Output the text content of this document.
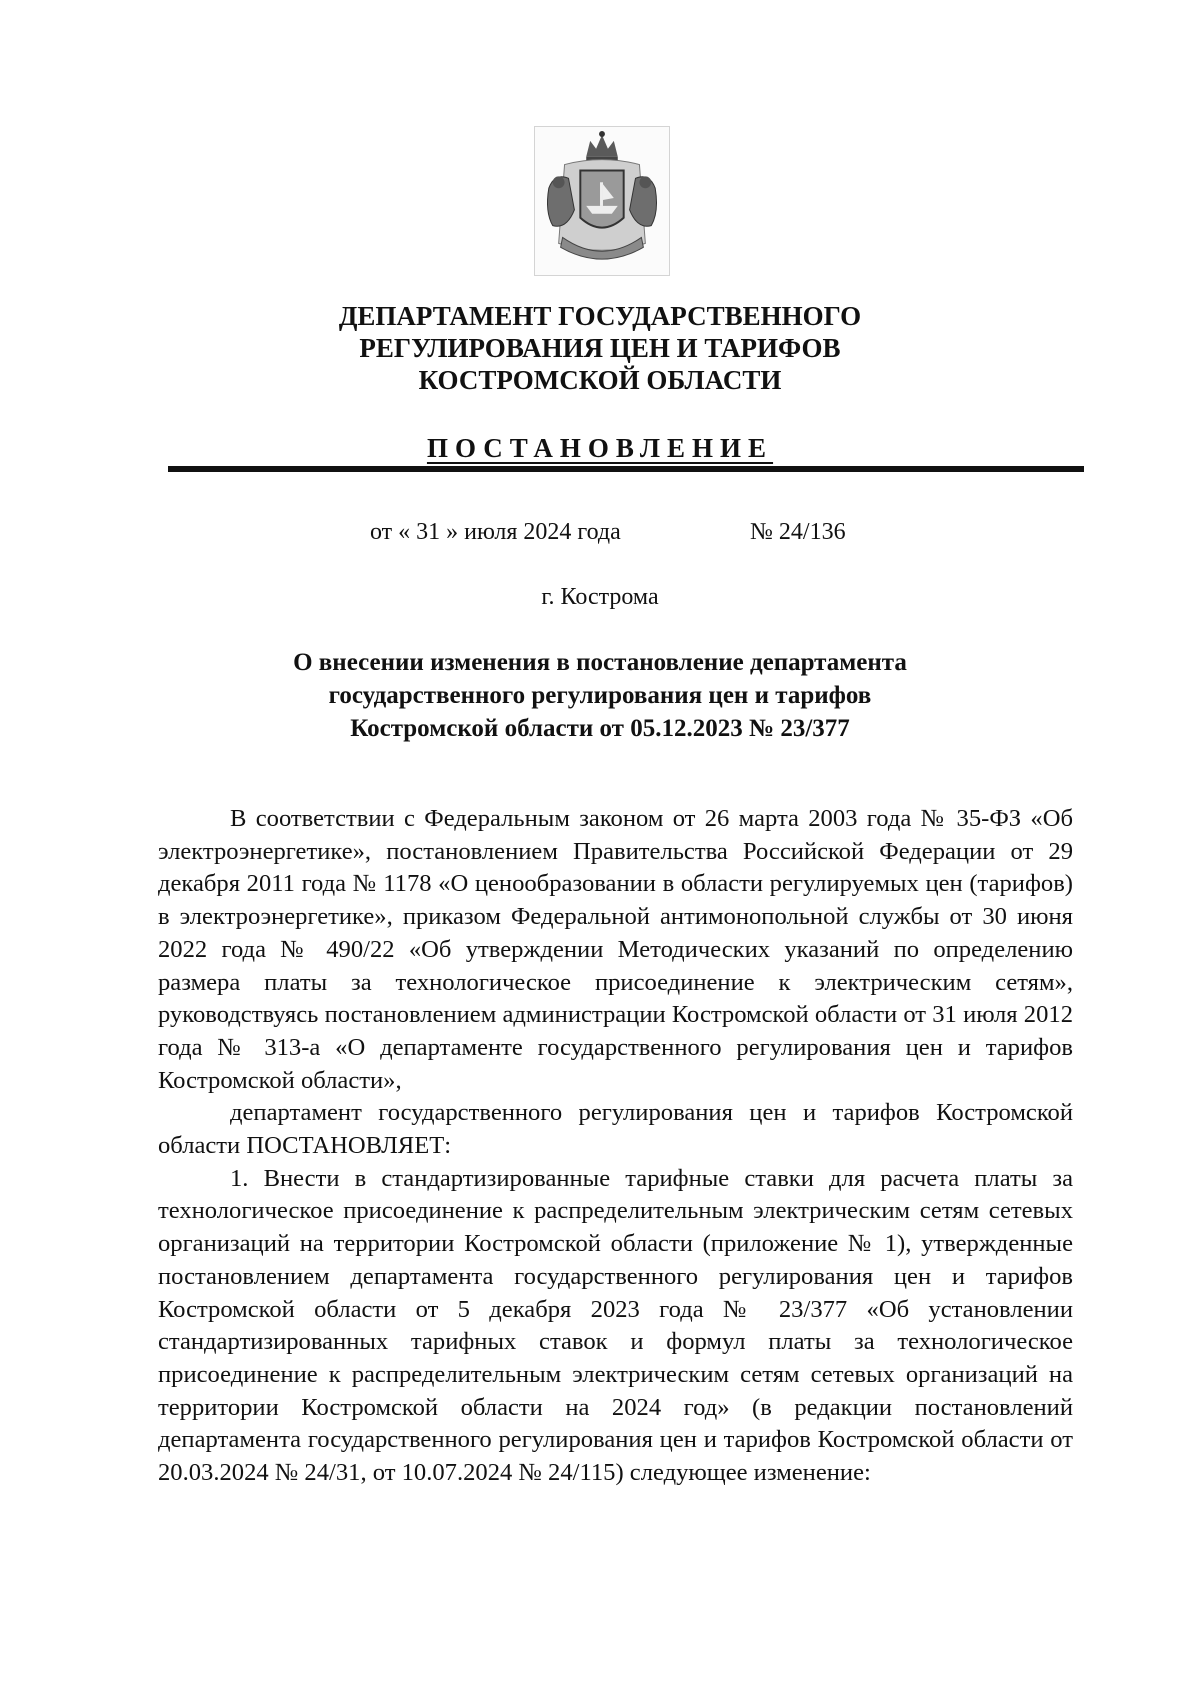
ДЕПАРТАМЕНТ ГОСУДАРСТВЕННОГО
РЕГУЛИРОВАНИЯ ЦЕН И ТАРИФОВ
КОСТРОМСКОЙ ОБЛАСТИ
ПОСТАНОВЛЕНИЕ
от « 31 » июля 2024 года	№ 24/136
г. Кострома
О внесении изменения в постановление департамента
государственного регулирования цен и тарифов
Костромской области от 05.12.2023 № 23/377

В соответствии с Федеральным законом от 26 марта 2003 года № 35-ФЗ «Об электроэнергетике», постановлением Правительства Российской Федерации от 29 декабря 2011 года № 1178 «О ценообразовании в области регулируемых цен (тарифов) в электроэнергетике», приказом Федеральной антимонопольной службы от 30 июня 2022 года № 490/22 «Об утверждении Методических указаний по определению размера платы за технологическое присоединение к электрическим сетям», руководствуясь постановлением администрации Костромской области от 31 июля 2012 года № 313-а «О департаменте государственного регулирования цен и тарифов Костромской области»,

департамент государственного регулирования цен и тарифов Костромской области ПОСТАНОВЛЯЕТ:

1. Внести в стандартизированные тарифные ставки для расчета платы за технологическое присоединение к распределительным электрическим сетям сетевых организаций на территории Костромской области (приложение № 1), утвержденные постановлением департамента государственного регулирования цен и тарифов Костромской области от 5 декабря 2023 года № 23/377 «Об установлении стандартизированных тарифных ставок и формул платы за технологическое присоединение к распределительным электрическим сетям сетевых организаций на территории Костромской области на 2024 год» (в редакции постановлений департамента государственного регулирования цен и тарифов Костромской области от 20.03.2024 № 24/31, от 10.07.2024 № 24/115) следующее изменение:
